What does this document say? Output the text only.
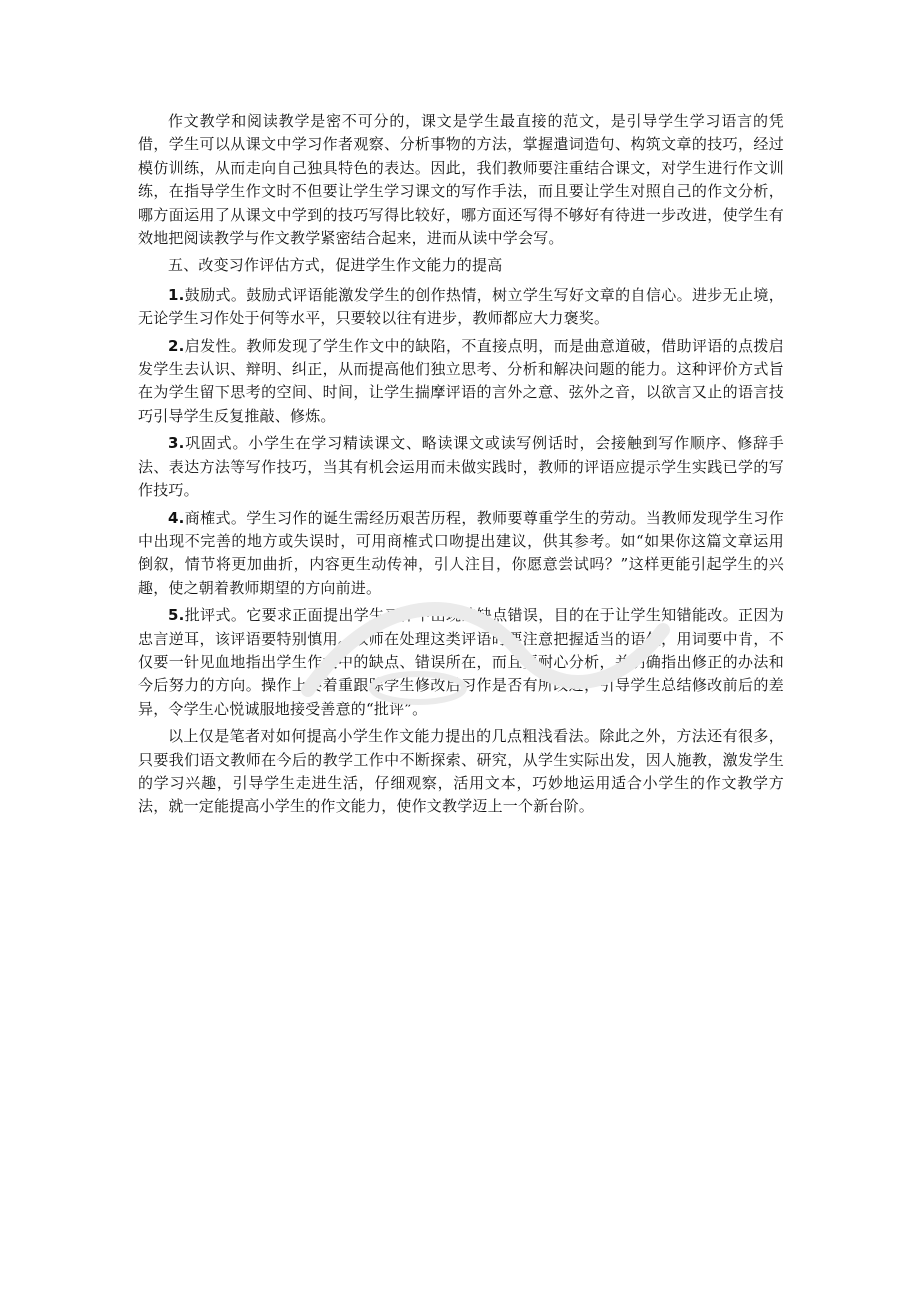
作文教学和阅读教学是密不可分的，课文是学生最直接的范文，是引导学生学习语言的凭借，学生可以从课文中学习作者观察、分析事物的方法，掌握遣词造句、构筑文章的技巧，经过模仿训练，从而走向自己独具特色的表达。因此，我们教师要注重结合课文，对学生进行作文训练，在指导学生作文时不但要让学生学习课文的写作手法，而且要让学生对照自己的作文分析，哪方面运用了从课文中学到的技巧写得比较好，哪方面还写得不够好有待进一步改进，使学生有效地把阅读教学与作文教学紧密结合起来，进而从读中学会写。

五、改变习作评估方式，促进学生作文能力的提高

1.鼓励式。鼓励式评语能激发学生的创作热情，树立学生写好文章的自信心。进步无止境，无论学生习作处于何等水平，只要较以往有进步，教师都应大力褒奖。

2.启发性。教师发现了学生作文中的缺陷，不直接点明，而是曲意道破，借助评语的点拨启发学生去认识、辩明、纠正，从而提高他们独立思考、分析和解决问题的能力。这种评价方式旨在为学生留下思考的空间、时间，让学生揣摩评语的言外之意、弦外之音，以欲言又止的语言技巧引导学生反复推敲、修炼。

3.巩固式。小学生在学习精读课文、略读课文或读写例话时，会接触到写作顺序、修辞手法、表达方法等写作技巧，当其有机会运用而未做实践时，教师的评语应提示学生实践已学的写作技巧。

4.商榷式。学生习作的诞生需经历艰苦历程，教师要尊重学生的劳动。当教师发现学生习作中出现不完善的地方或失误时，可用商榷式口吻提出建议，供其参考。如“如果你这篇文章运用倒叙，情节将更加曲折，内容更生动传神，引人注目，你愿意尝试吗？”这样更能引起学生的兴趣，使之朝着教师期望的方向前进。

5.批评式。它要求正面提出学生习作中出现的缺点错误，目的在于让学生知错能改。正因为忠言逆耳，该评语要特别慎用。教师在处理这类评语时要注意把握适当的语气，用词要中肯，不仅要一针见血地指出学生作文中的缺点、错误所在，而且要耐心分析，并明确指出修正的办法和今后努力的方向。操作上要着重跟踪学生修改后习作是否有所改进，引导学生总结修改前后的差异，令学生心悦诚服地接受善意的“批评”。

以上仅是笔者对如何提高小学生作文能力提出的几点粗浅看法。除此之外，方法还有很多，只要我们语文教师在今后的教学工作中不断探索、研究，从学生实际出发，因人施教，激发学生的学习兴趣，引导学生走进生活，仔细观察，活用文本，巧妙地运用适合小学生的作文教学方法，就一定能提高小学生的作文能力，使作文教学迈上一个新台阶。
